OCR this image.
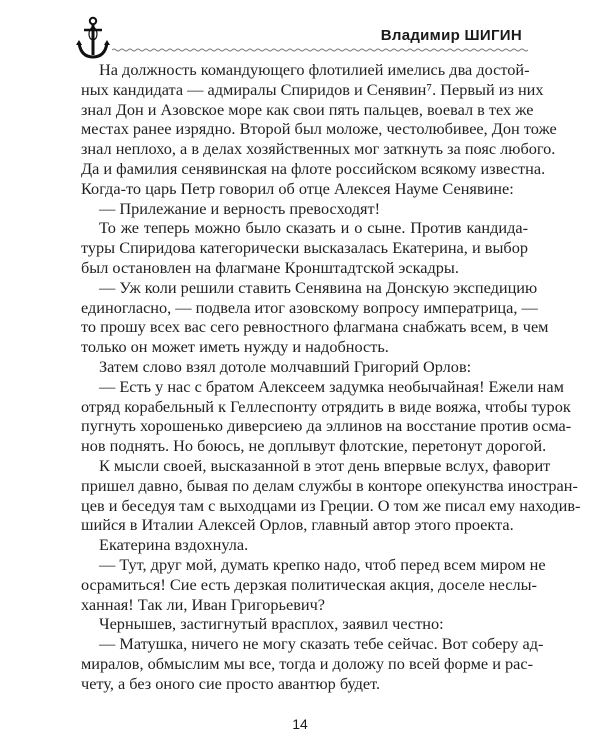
Владимир ШИГИН

На должность командующего флотилией имелись два достой-

ных кандидата — адмиралы Спиридов и Сенявин⁷. Первый из них

знал Дон и Азовское море как свои пять пальцев, воевал в тех же

местах ранее изрядно. Второй был моложе, честолюбивее, Дон тоже

знал неплохо, а в делах хозяйственных мог заткнуть за пояс любого.

Да и фамилия сенявинская на флоте российском всякому известна.

Когда-то царь Петр говорил об отце Алексея Науме Сенявине:

— Прилежание и верность превосходят!

То же теперь можно было сказать и о сыне. Против кандида-

туры Спиридова категорически высказалась Екатерина, и выбор

был остановлен на флагмане Кронштадтской эскадры.

— Уж коли решили ставить Сенявина на Донскую экспедицию

единогласно, — подвела итог азовскому вопросу императрица, —

то прошу всех вас сего ревностного флагмана снабжать всем, в чем

только он может иметь нужду и надобность.

Затем слово взял дотоле молчавший Григорий Орлов:

— Есть у нас с братом Алексеем задумка необычайная! Ежели нам

отряд корабельный к Геллеспонту отрядить в виде вояжа, чтобы турок

пугнуть хорошенько диверсиею да эллинов на восстание против осма-

нов поднять. Но боюсь, не доплывут флотские, перетонут дорогой.

К мысли своей, высказанной в этот день впервые вслух, фаворит

пришел давно, бывая по делам службы в конторе опекунства иностран-

цев и беседуя там с выходцами из Греции. О том же писал ему находив-

шийся в Италии Алексей Орлов, главный автор этого проекта.

Екатерина вздохнула.

— Тут, друг мой, думать крепко надо, чтоб перед всем миром не

осрамиться! Сие есть дерзкая политическая акция, доселе неслы-

ханная! Так ли, Иван Григорьевич?

Чернышев, застигнутый врасплох, заявил честно:

— Матушка, ничего не могу сказать тебе сейчас. Вот соберу ад-

миралов, обмыслим мы все, тогда и доложу по всей форме и рас-

чету, а без оного сие просто авантюр будет.

14
